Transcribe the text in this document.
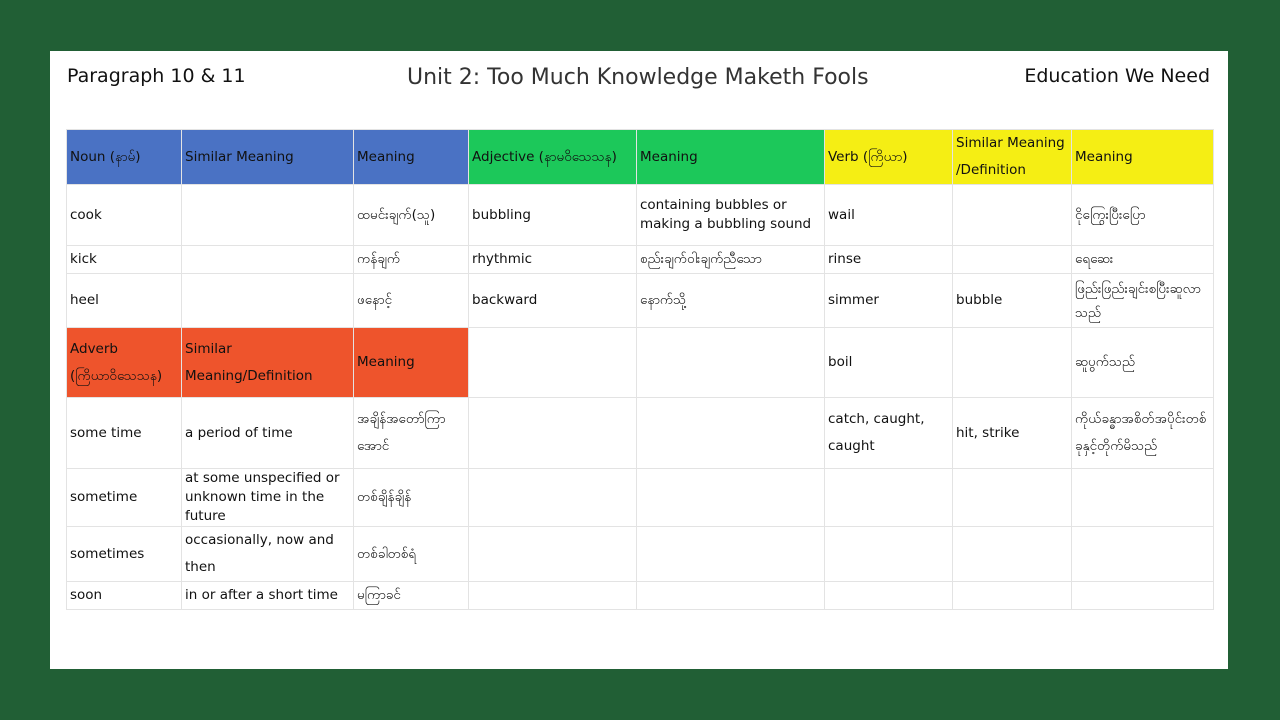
Paragraph 10 & 11	Unit 2: Too Much Knowledge Maketh Fools	Education We Need
Noun (နာမ်)	Similar Meaning	Meaning	Adjective (နာမဝိသေသန)	Meaning	Verb (ကြိယာ)	Similar Meaning /Definition	Meaning
cook		ထမင်းချက်(သူ)	bubbling	containing bubbles or making a bubbling sound	wail		ငိုကြွေးပြီးပြော
kick		ကန်ချက်	rhythmic	စည်းချက်ဝါးချက်ညီသော	rinse		ရေဆေး
heel		ဖနောင့်	backward	နောက်သို့	simmer	bubble	ဖြည်းဖြည်းချင်းစပြီးဆူလာသည်
Adverb (ကြိယာဝိသေသန)	Similar Meaning/Definition	Meaning			boil		ဆူပွက်သည်
some time	a period of time	အချိန်အတော်ကြာအောင်			catch, caught, caught	hit, strike	ကိုယ်ခန္ဓာအစိတ်အပိုင်းတစ်ခုနှင့်တိုက်မိသည်
sometime	at some unspecified or unknown time in the future	တစ်ချိန်ချိန်					
sometimes	occasionally, now and then	တစ်ခါတစ်ရံ					
soon	in or after a short time	မကြာခင်					
